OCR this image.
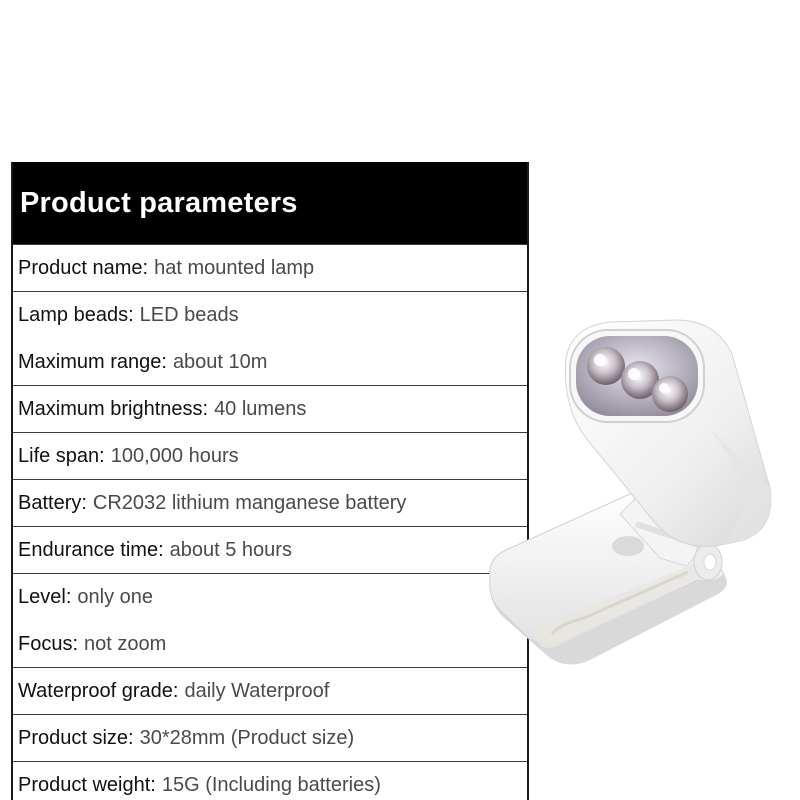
Product parameters
Product name: hat mounted lamp
Lamp beads: LED beads
Maximum range: about 10m
Maximum brightness: 40 lumens
Life span: 100,000 hours
Battery: CR2032 lithium manganese battery
Endurance time: about 5 hours
Level: only one
Focus: not zoom
Waterproof grade: daily Waterproof
Product size: 30*28mm (Product size)
Product weight: 15G (Including batteries)
